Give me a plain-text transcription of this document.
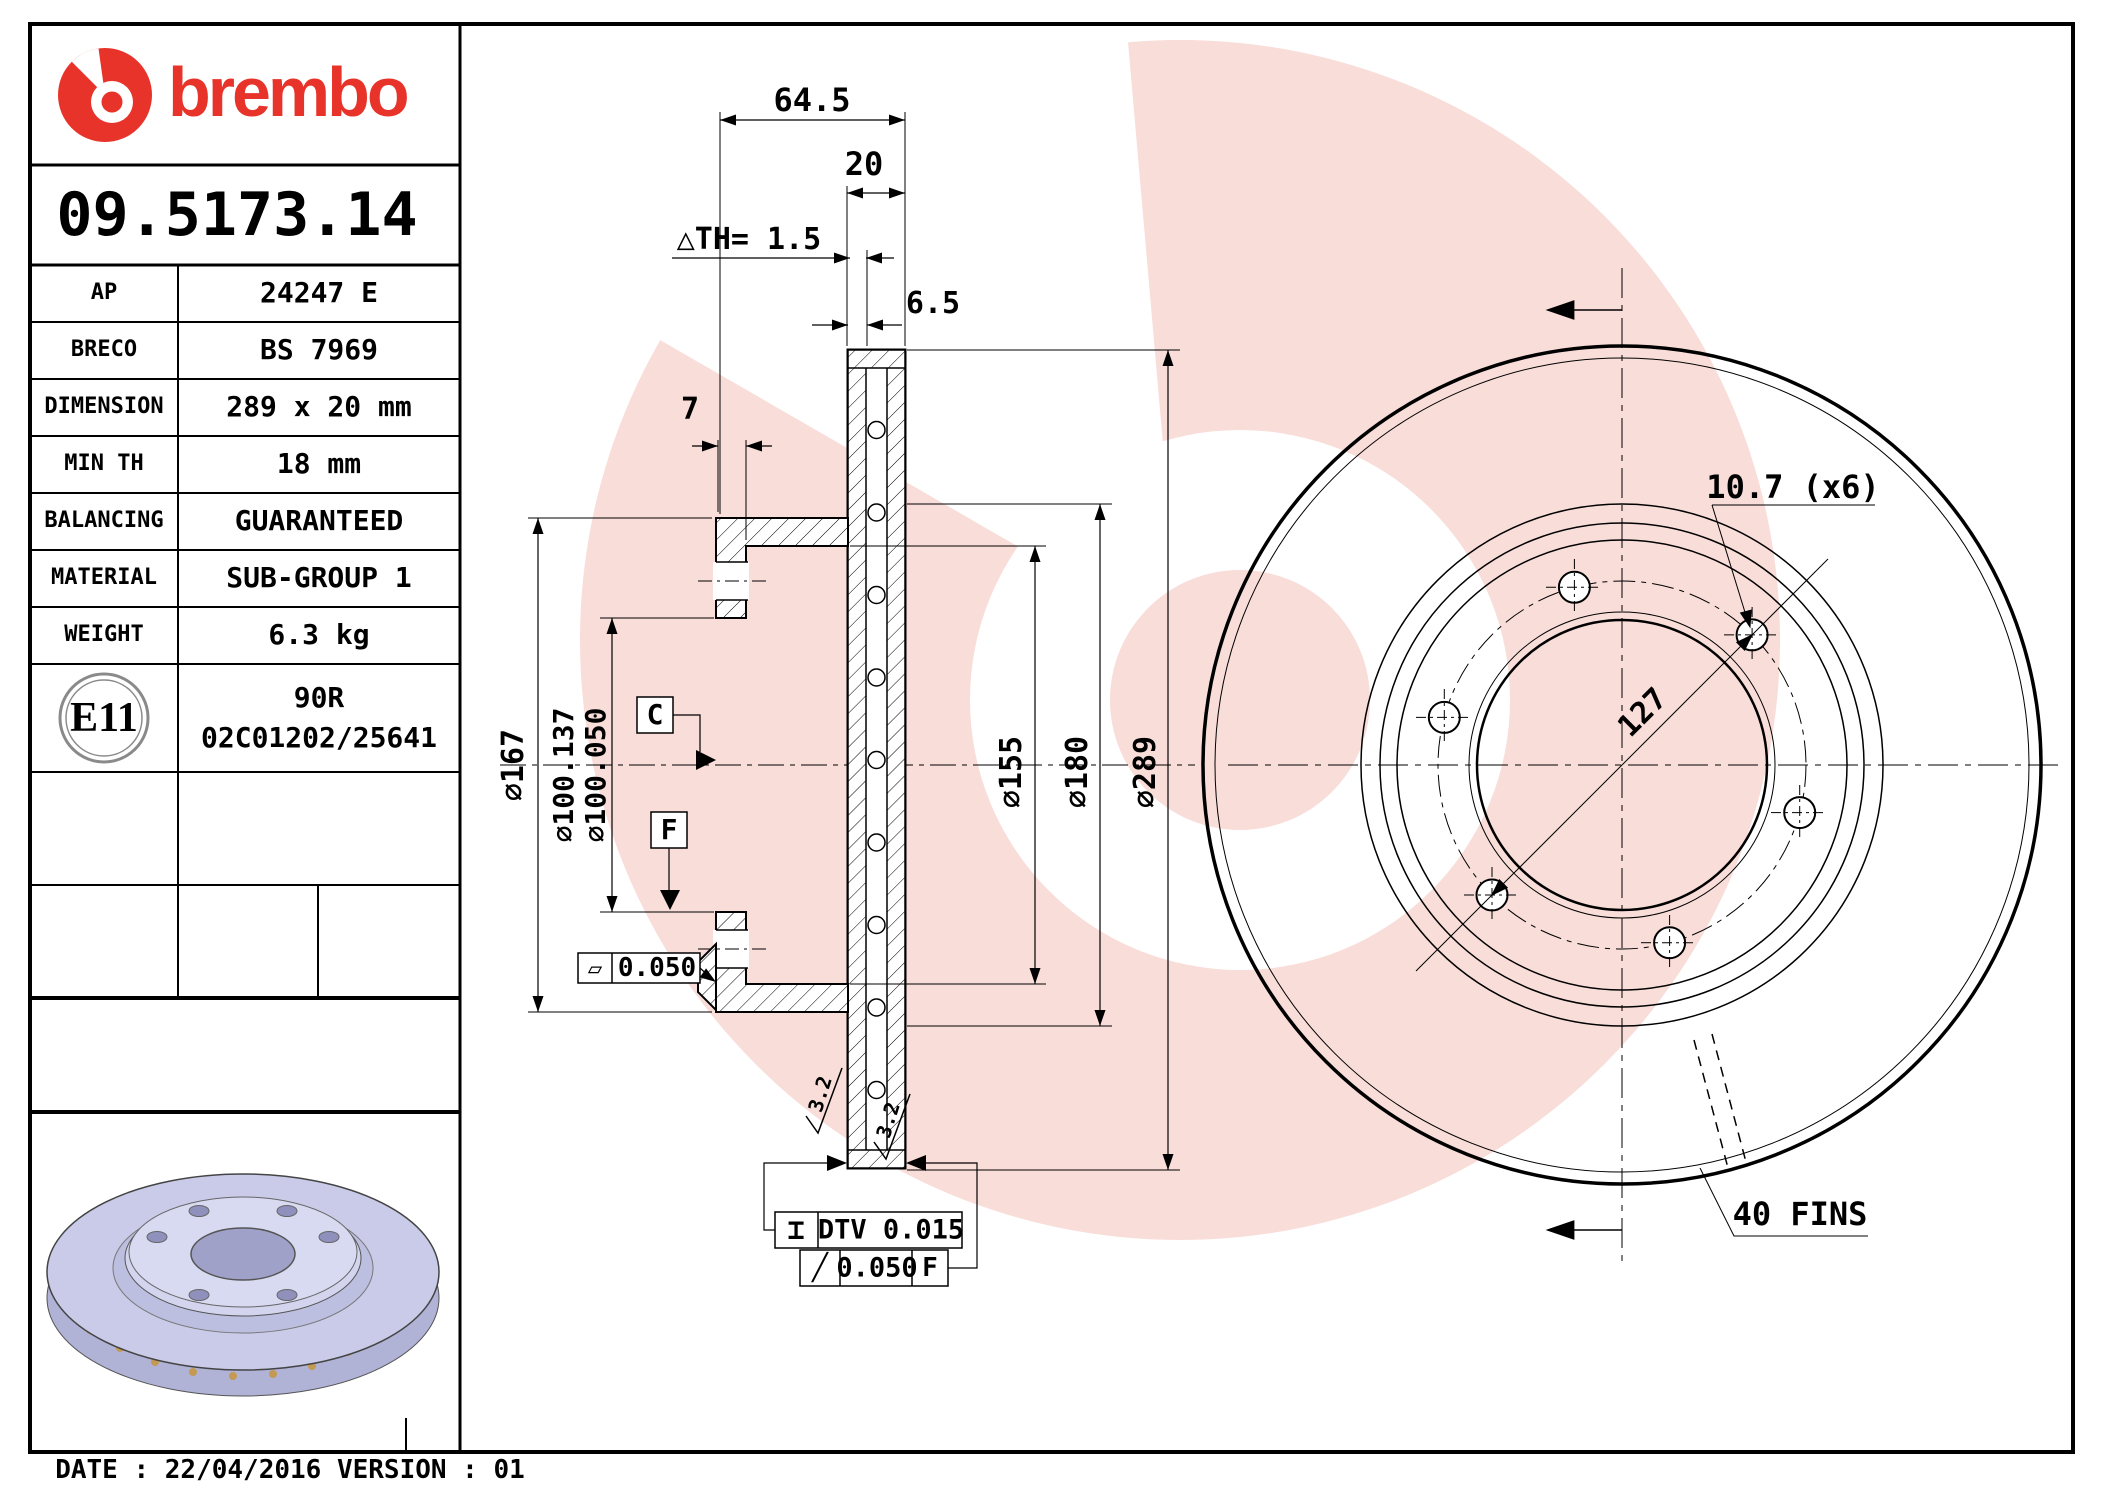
brembo
09.5173.14
AP	24247 E
BRECO	BS 7969
DIMENSION 289 x 20 mm
MIN TH	18 mm
BALANCING	GUARANTEED
MATERIAL SUB-GROUP 1
WEIGHT	6.3 kg
E11	90R
02C01202/25641
64.5
20
△TH= 1.5
6.5
7
⌀167 ⌀100.137 ⌀100.050	⌀155 ⌀180 ⌀289
3.2
3.2
▱ 0.050
⌶ DTV 0.015
╱ 0.050 F
C
F
10.7 (x6)
127
40 FINS
DATE : 22/04/2016 VERSION : 01
